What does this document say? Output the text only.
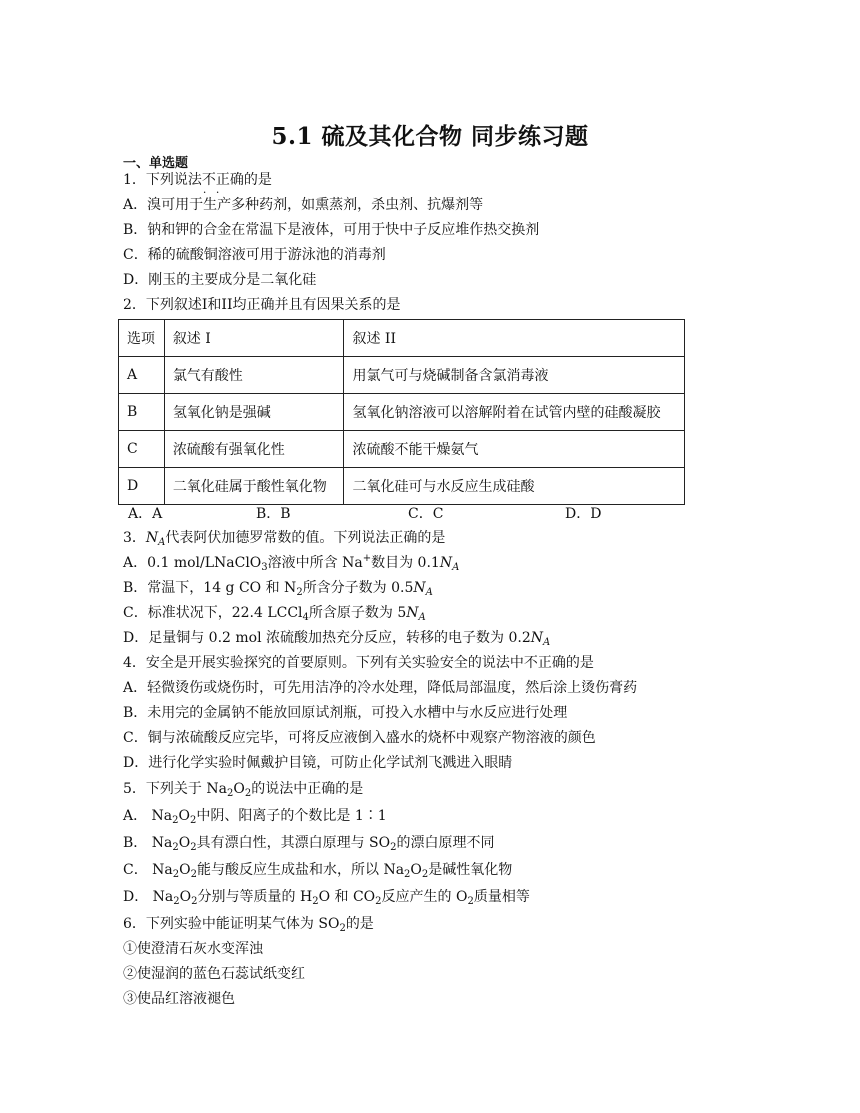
5.1 硫及其化合物 同步练习题
一、单选题
1．下列说法不正确 · ·的是
A．溴可用于生产多种药剂，如熏蒸剂，杀虫剂、抗爆剂等
B．钠和钾的合金在常温下是液体，可用于快中子反应堆作热交换剂
C．稀的硫酸铜溶液可用于游泳池的消毒剂
D．刚玉的主要成分是二氧化硅
2．下列叙述I和II均正确并且有因果关系的是
选项	叙述 I	叙述 II
A	氯气有酸性	用氯气可与烧碱制备含氯消毒液
B	氢氧化钠是强碱	氢氧化钠溶液可以溶解附着在试管内壁的硅酸凝胶
C	浓硫酸有强氧化性	浓硫酸不能干燥氨气
D	二氧化硅属于酸性氧化物	二氧化硅可与水反应生成硅酸
A．A	B．B	C．C	D．D
3．$N_A$代表阿伏加德罗常数的值。下列说法正确的是
A．0.1 mol/LNaClO$_3$溶液中所含 Na+数目为 $0.1N_A$
B．常温下，14 g CO 和 $N_2$所含分子数为 $0.5N_A$
C．标准状况下，22.4 LCCl$_4$所含原子数为 $5N_A$
D．足量铜与 0.2 mol 浓硫酸加热充分反应，转移的电子数为 $0.2N_A$
4．安全是开展实验探究的首要原则。下列有关实验安全的说法中不正确的是
A．轻微烫伤或烧伤时，可先用洁净的冷水处理，降低局部温度，然后涂上烫伤膏药
B．未用完的金属钠不能放回原试剂瓶，可投入水槽中与水反应进行处理
C．铜与浓硫酸反应完毕，可将反应液倒入盛水的烧杯中观察产物溶液的颜色
D．进行化学实验时佩戴护目镜，可防止化学试剂飞溅进入眼睛
5．下列关于 $Na_2O_2$的说法中正确的是
A． $Na_2O_2$中阴、阳离子的个数比是 1∶1
B． $Na_2O_2$具有漂白性，其漂白原理与 $SO_2$的漂白原理不同
C． $Na_2O_2$能与酸反应生成盐和水，所以 $Na_2O_2$是碱性氧化物
D． $Na_2O_2$分别与等质量的 $H_2O$ 和 $CO_2$反应产生的 $O_2$质量相等
6．下列实验中能证明某气体为 $SO_2$的是
①使澄清石灰水变浑浊
②使湿润的蓝色石蕊试纸变红
③使品红溶液褪色
